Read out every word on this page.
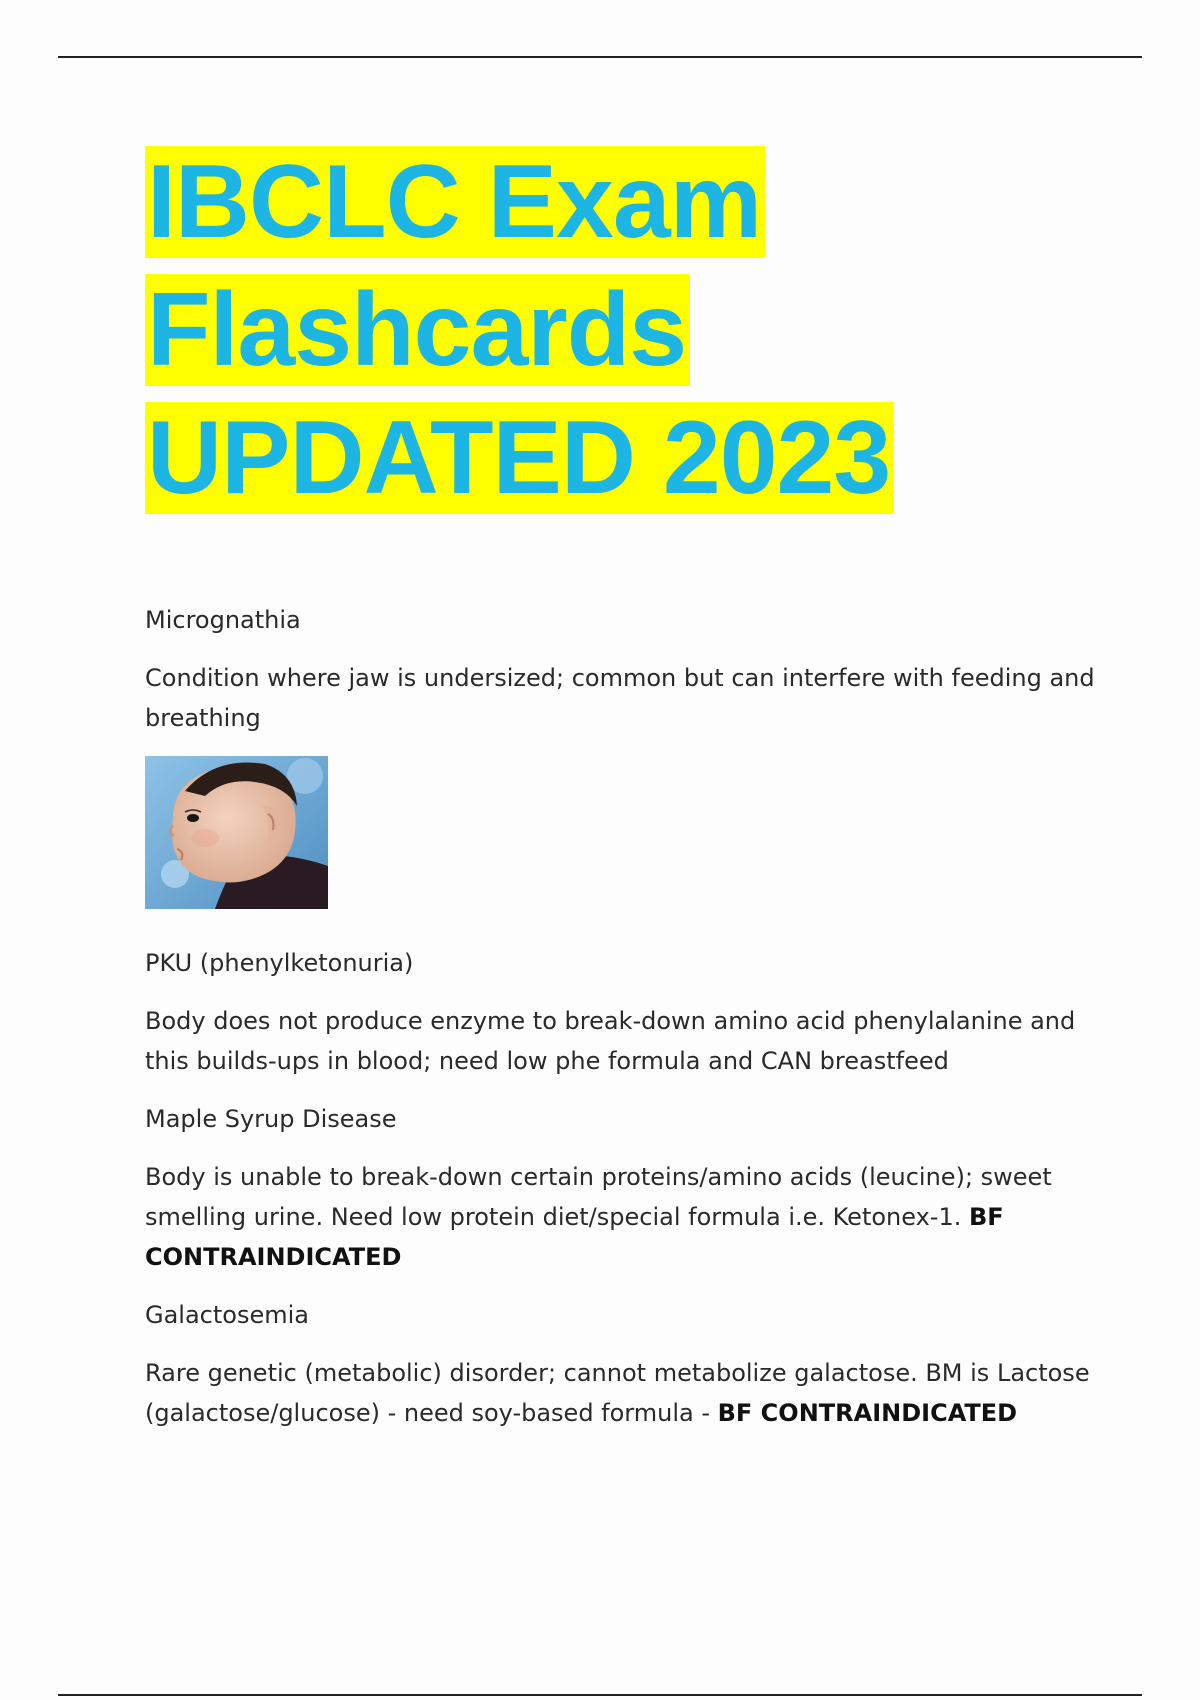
IBCLC Exam
Flashcards
UPDATED 2023
Micrognathia
Condition where jaw is undersized; common but can interfere with feeding and breathing
PKU (phenylketonuria)
Body does not produce enzyme to break-down amino acid phenylalanine and this builds-ups in blood; need low phe formula and CAN breastfeed
Maple Syrup Disease
Body is unable to break-down certain proteins/amino acids (leucine); sweet smelling urine. Need low protein diet/special formula i.e. Ketonex-1. BF CONTRAINDICATED
Galactosemia
Rare genetic (metabolic) disorder; cannot metabolize galactose. BM is Lactose (galactose/glucose) - need soy-based formula - BF CONTRAINDICATED
